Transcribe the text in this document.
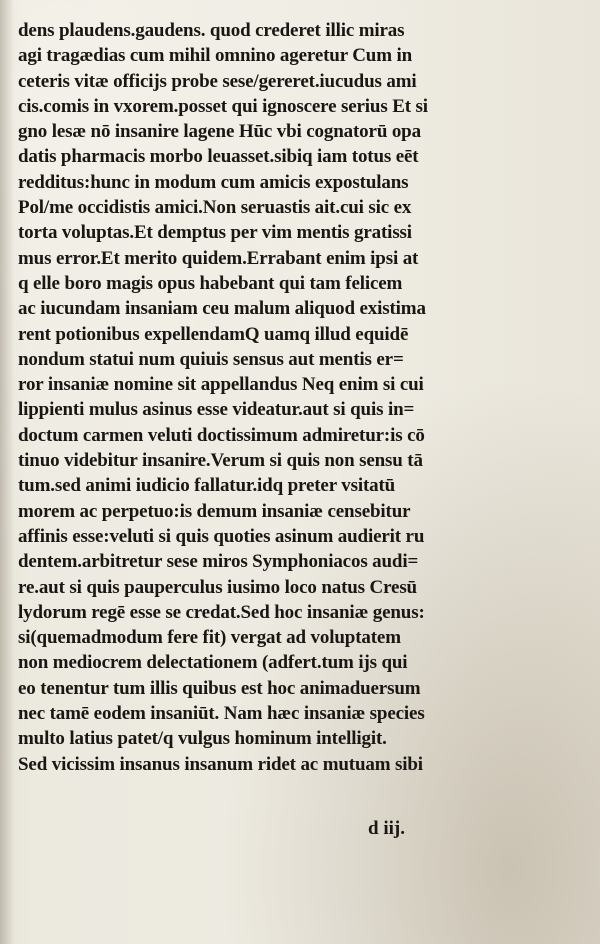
dens plaudens.gaudens. quod crederet illic miras
agi tragædias cum mihil omnino ageretur Cum in
ceteris vitæ officijs probe sese/gereret.iucudus ami
cis.comis in vxorem.posset qui ignoscere serius Et si
gno lesæ nō insanire lagene Hūc vbi cognatorū opa
datis pharmacis morbo leuasset.sibiq iam totus eēt
redditus:hunc in modum cum amicis expostulans
Pol/me occidistis amici.Non seruastis ait.cui sic ex
torta voluptas.Et demptus per vim mentis gratissi
mus error.Et merito quidem.Errabant enim ipsi at
q elle boro magis opus habebant qui tam felicem
ac iucundam insaniam ceu malum aliquod existima
rent potionibus expellendamQ uamq illud equidē
nondum statui num quiuis sensus aut mentis er=
ror insaniæ nomine sit appellandus Neq enim si cui
lippienti mulus asinus esse videatur.aut si quis in=
doctum carmen veluti doctissimum admiretur:is cō
tinuo videbitur insanire.Verum si quis non sensu tā
tum.sed animi iudicio fallatur.idq preter vsitatū
morem ac perpetuo:is demum insaniæ censebitur
affinis esse:veluti si quis quoties asinum audierit ru
dentem.arbitretur sese miros Symphoniacos audi=
re.aut si quis pauperculus iusimo loco natus Cresū
lydorum regē esse se credat.Sed hoc insaniæ genus:
si(quemadmodum fere fit) vergat ad voluptatem
non mediocrem delectationem (adfert.tum ijs qui
eo tenentur tum illis quibus est hoc animaduersum
nec tamē eodem insaniūt. Nam hæc insaniæ species
multo latius patet/q vulgus hominum intelligit.
Sed vicissim insanus insanum ridet ac mutuam sibi
d iij.
